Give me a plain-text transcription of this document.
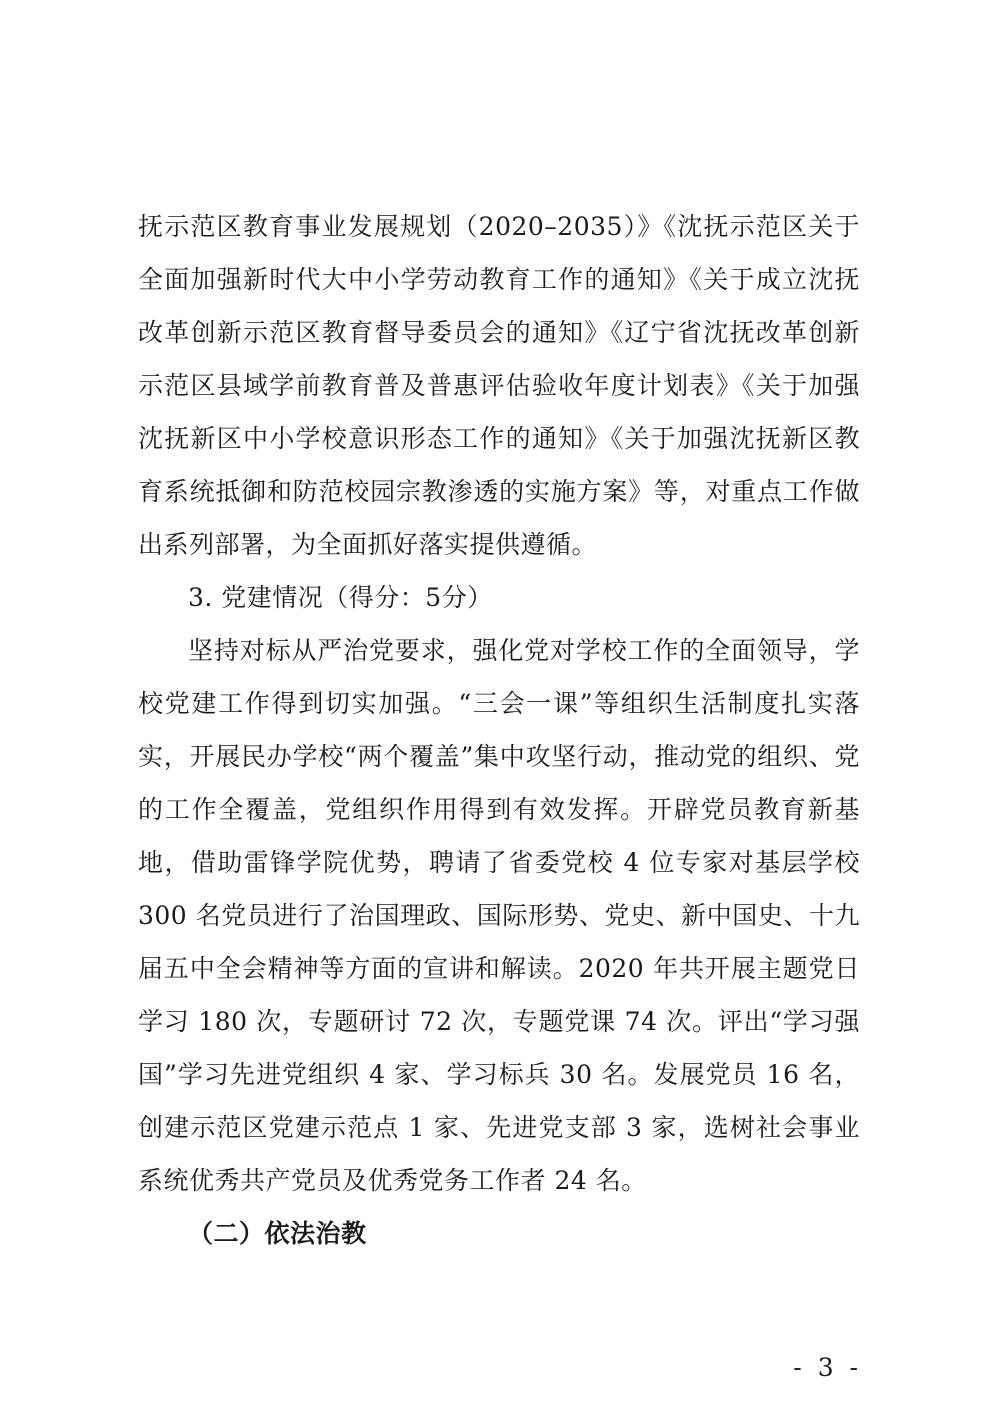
抚示范区教育事业发展规划（2020–2035）》《沈抚示范区关于全面加强新时代大中小学劳动教育工作的通知》《关于成立沈抚改革创新示范区教育督导委员会的通知》《辽宁省沈抚改革创新示范区县域学前教育普及普惠评估验收年度计划表》《关于加强沈抚新区中小学校意识形态工作的通知》《关于加强沈抚新区教育系统抵御和防范校园宗教渗透的实施方案》等，对重点工作做出系列部署，为全面抓好落实提供遵循。

3. 党建情况（得分：5分）

坚持对标从严治党要求，强化党对学校工作的全面领导，学校党建工作得到切实加强。“三会一课”等组织生活制度扎实落实，开展民办学校“两个覆盖”集中攻坚行动，推动党的组织、党的工作全覆盖，党组织作用得到有效发挥。开辟党员教育新基地，借助雷锋学院优势，聘请了省委党校 4 位专家对基层学校 300 名党员进行了治国理政、国际形势、党史、新中国史、十九届五中全会精神等方面的宣讲和解读。2020 年共开展主题党日学习 180 次，专题研讨 72 次，专题党课 74 次。评出“学习强国”学习先进党组织 4 家、学习标兵 30 名。发展党员 16 名，创建示范区党建示范点 1 家、先进党支部 3 家，选树社会事业系统优秀共产党员及优秀党务工作者 24 名。

（二）依法治教

- 3 -
